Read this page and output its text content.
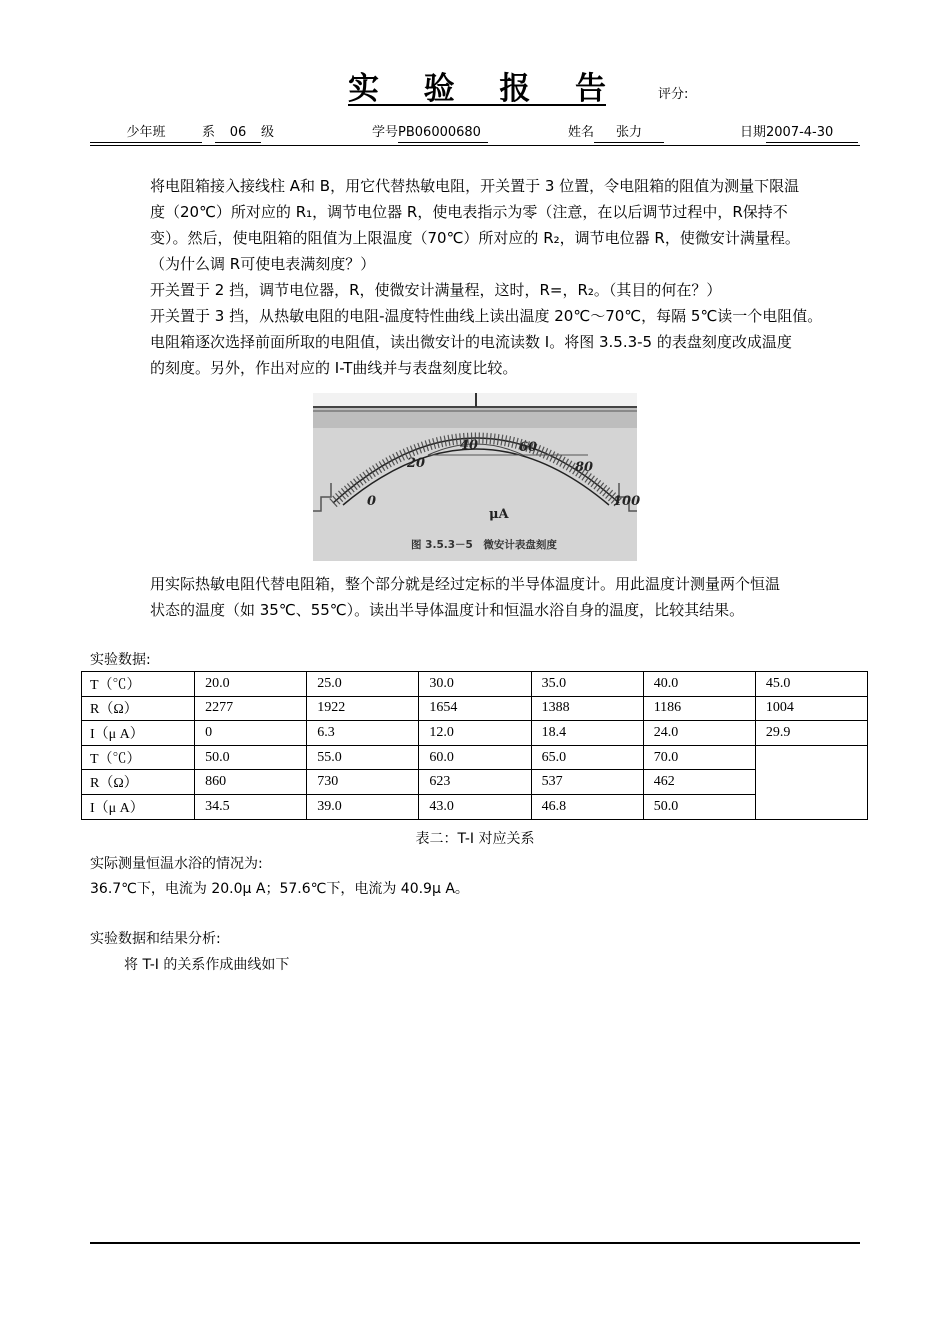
实 验 报 告	评分:
少年班	系 06 级	学号PB06000680	姓名 张力	日期2007-4-30

将电阻箱接入接线柱 A和 B，用它代替热敏电阻，开关置于 3 位置，令电阻箱的阻值为测量下限温

度（20℃）所对应的 R₁，调节电位器 R，使电表指示为零（注意，在以后调节过程中，R保持不

变）。然后，使电阻箱的阻值为上限温度（70℃）所对应的 R₂，调节电位器 R，使微安计满量程。

（为什么调 R可使电表满刻度？）

开关置于 2 挡，调节电位器，R，使微安计满量程，这时，R=，R₂。（其目的何在？）

开关置于 3 挡，从热敏电阻的电阻-温度特性曲线上读出温度 20℃～70℃，每隔 5℃读一个电阻值。

电阻箱逐次选择前面所取的电阻值，读出微安计的电流读数 I。将图 3.5.3-5 的表盘刻度改成温度

的刻度。另外，作出对应的 I-T曲线并与表盘刻度比较。

0
20
40	60
80
100
μA
图 3.5.3－5　微安计表盘刻度

用实际热敏电阻代替电阻箱，整个部分就是经过定标的半导体温度计。用此温度计测量两个恒温

状态的温度（如 35℃、55℃）。读出半导体温度计和恒温水浴自身的温度，比较其结果。

实验数据:
T（℃）	20.0	25.0	30.0	35.0	40.0	45.0
R（Ω）	2277	1922	1654	1388	1186	1004
I（μ A）	0	6.3	12.0	18.4	24.0	29.9
T（℃）	50.0	55.0	60.0	65.0	70.0	
R（Ω）	860	730	623	537	462	
I（μ A）	34.5	39.0	43.0	46.8	50.0	
表二：T-I 对应关系
实际测量恒温水浴的情况为:
36.7℃下，电流为 20.0μ A；57.6℃下，电流为 40.9μ A。
实验数据和结果分析:
将 T-I 的关系作成曲线如下
